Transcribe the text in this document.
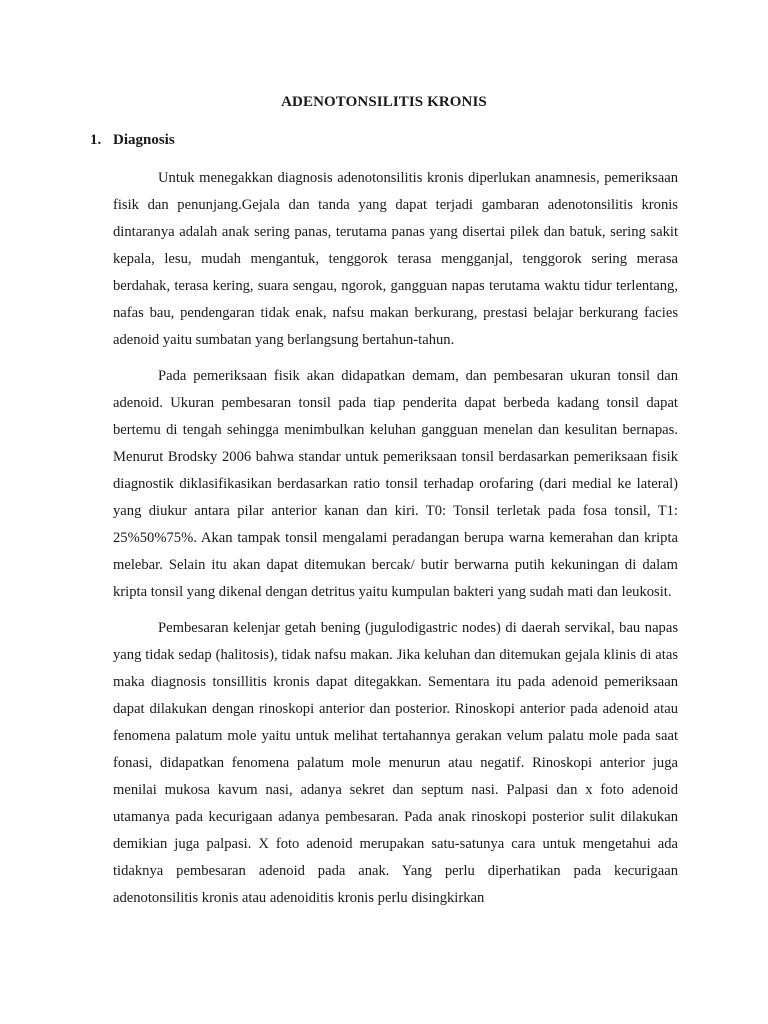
ADENOTONSILITIS KRONIS
1. Diagnosis

Untuk menegakkan diagnosis adenotonsilitis kronis diperlukan anamnesis, pemeriksaan fisik dan penunjang.Gejala dan tanda yang dapat terjadi gambaran adenotonsilitis kronis dintaranya adalah anak sering panas, terutama panas yang disertai pilek dan batuk, sering sakit kepala, lesu, mudah mengantuk, tenggorok terasa mengganjal, tenggorok sering merasa berdahak, terasa kering, suara sengau, ngorok, gangguan napas terutama waktu tidur terlentang, nafas bau, pendengaran tidak enak, nafsu makan berkurang, prestasi belajar berkurang facies adenoid yaitu sumbatan yang berlangsung bertahun-tahun.

Pada pemeriksaan fisik akan didapatkan demam, dan pembesaran ukuran tonsil dan adenoid. Ukuran pembesaran tonsil pada tiap penderita dapat berbeda kadang tonsil dapat bertemu di tengah sehingga menimbulkan keluhan gangguan menelan dan kesulitan bernapas. Menurut Brodsky 2006 bahwa standar untuk pemeriksaan tonsil berdasarkan pemeriksaan fisik diagnostik diklasifikasikan berdasarkan ratio tonsil terhadap orofaring (dari medial ke lateral) yang diukur antara pilar anterior kanan dan kiri. T0: Tonsil terletak pada fosa tonsil, T1: 25%50%75%. Akan tampak tonsil mengalami peradangan berupa warna kemerahan dan kripta melebar. Selain itu akan dapat ditemukan bercak/ butir berwarna putih kekuningan di dalam kripta tonsil yang dikenal dengan detritus yaitu kumpulan bakteri yang sudah mati dan leukosit.

Pembesaran kelenjar getah bening (jugulodigastric nodes) di daerah servikal, bau napas yang tidak sedap (halitosis), tidak nafsu makan. Jika keluhan dan ditemukan gejala klinis di atas maka diagnosis tonsillitis kronis dapat ditegakkan. Sementara itu pada adenoid pemeriksaan dapat dilakukan dengan rinoskopi anterior dan posterior. Rinoskopi anterior pada adenoid atau fenomena palatum mole yaitu untuk melihat tertahannya gerakan velum palatu mole pada saat fonasi, didapatkan fenomena palatum mole menurun atau negatif. Rinoskopi anterior juga menilai mukosa kavum nasi, adanya sekret dan septum nasi. Palpasi dan x foto adenoid utamanya pada kecurigaan adanya pembesaran. Pada anak rinoskopi posterior sulit dilakukan demikian juga palpasi. X foto adenoid merupakan satu-satunya cara untuk mengetahui ada tidaknya pembesaran adenoid pada anak. Yang perlu diperhatikan pada kecurigaan adenotonsilitis kronis atau adenoiditis kronis perlu disingkirkan
